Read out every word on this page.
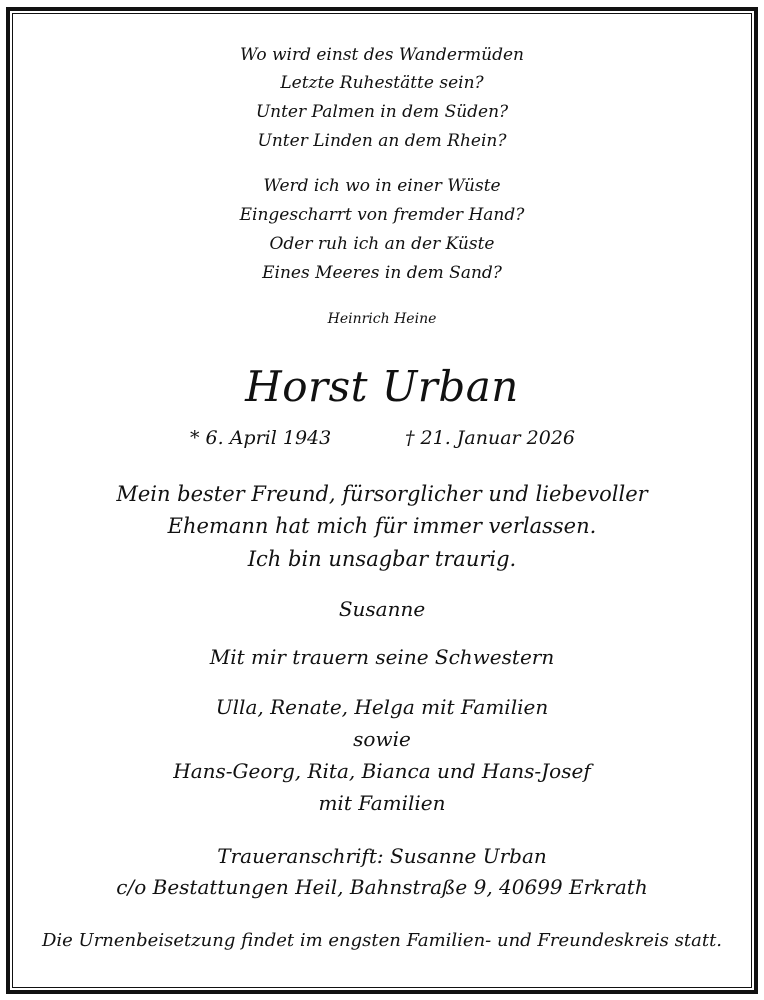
Wo wird einst des Wandermüden
Letzte Ruhestätte sein?
Unter Palmen in dem Süden?
Unter Linden an dem Rhein?
Werd ich wo in einer Wüste
Eingescharrt von fremder Hand?
Oder ruh ich an der Küste
Eines Meeres in dem Sand?
Heinrich Heine
Horst Urban
* 6. April 1943	† 21. Januar 2026
Mein bester Freund, fürsorglicher und liebevoller
Ehemann hat mich für immer verlassen.
Ich bin unsagbar traurig.
Susanne
Mit mir trauern seine Schwestern
Ulla, Renate, Helga mit Familien
sowie
Hans-Georg, Rita, Bianca und Hans-Josef
mit Familien
Traueranschrift: Susanne Urban
c/o Bestattungen Heil, Bahnstraße 9, 40699 Erkrath
Die Urnenbeisetzung findet im engsten Familien- und Freundeskreis statt.
